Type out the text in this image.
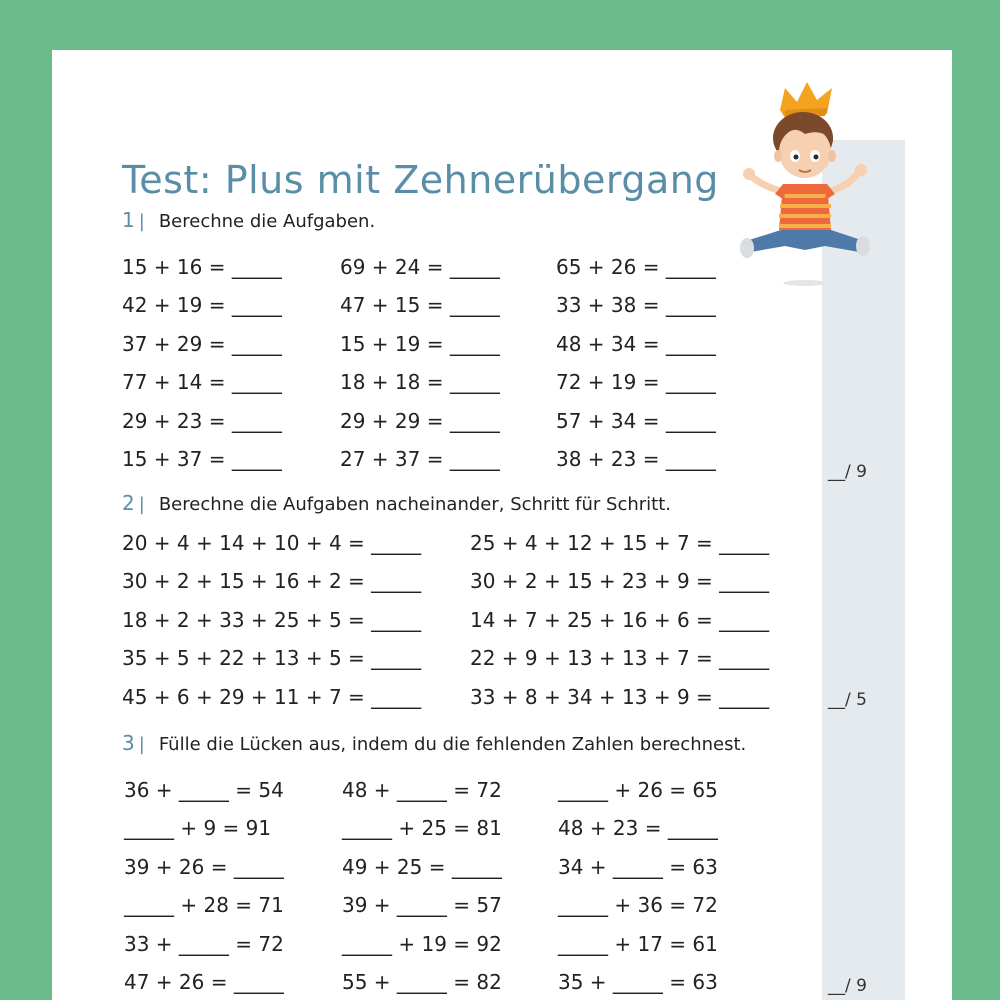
Test: Plus mit Zehnerübergang
1 | Berechne die Aufgaben.
15 + 16 = _____	69 + 24 = _____	65 + 26 = _____
42 + 19 = _____	47 + 15 = _____	33 + 38 = _____
37 + 29 = _____	15 + 19 = _____	48 + 34 = _____
77 + 14 = _____	18 + 18 = _____	72 + 19 = _____
29 + 23 = _____	29 + 29 = _____	57 + 34 = _____
15 + 37 = _____	27 + 37 = _____	38 + 23 = _____
__/ 9
2 | Berechne die Aufgaben nacheinander, Schritt für Schritt.
20 + 4 + 14 + 10 + 4 = _____ 25 + 4 + 12 + 15 + 7 = _____
30 + 2 + 15 + 16 + 2 = _____ 30 + 2 + 15 + 23 + 9 = _____
18 + 2 + 33 + 25 + 5 = _____ 14 + 7 + 25 + 16 + 6 = _____
35 + 5 + 22 + 13 + 5 = _____ 22 + 9 + 13 + 13 + 7 = _____
45 + 6 + 29 + 11 + 7 = _____ 33 + 8 + 34 + 13 + 9 = _____	__/ 5
3 | Fülle die Lücken aus, indem du die fehlenden Zahlen berechnest.
36 + _____ = 54	48 + _____ = 72	_____ + 26 = 65
_____ + 9 = 91	_____ + 25 = 81	48 + 23 = _____
39 + 26 = _____	49 + 25 = _____	34 + _____ = 63
_____ + 28 = 71	39 + _____ = 57	_____ + 36 = 72
33 + _____ = 72	_____ + 19 = 92	_____ + 17 = 61
47 + 26 = _____	55 + _____ = 82	35 + _____ = 63	__/ 9
